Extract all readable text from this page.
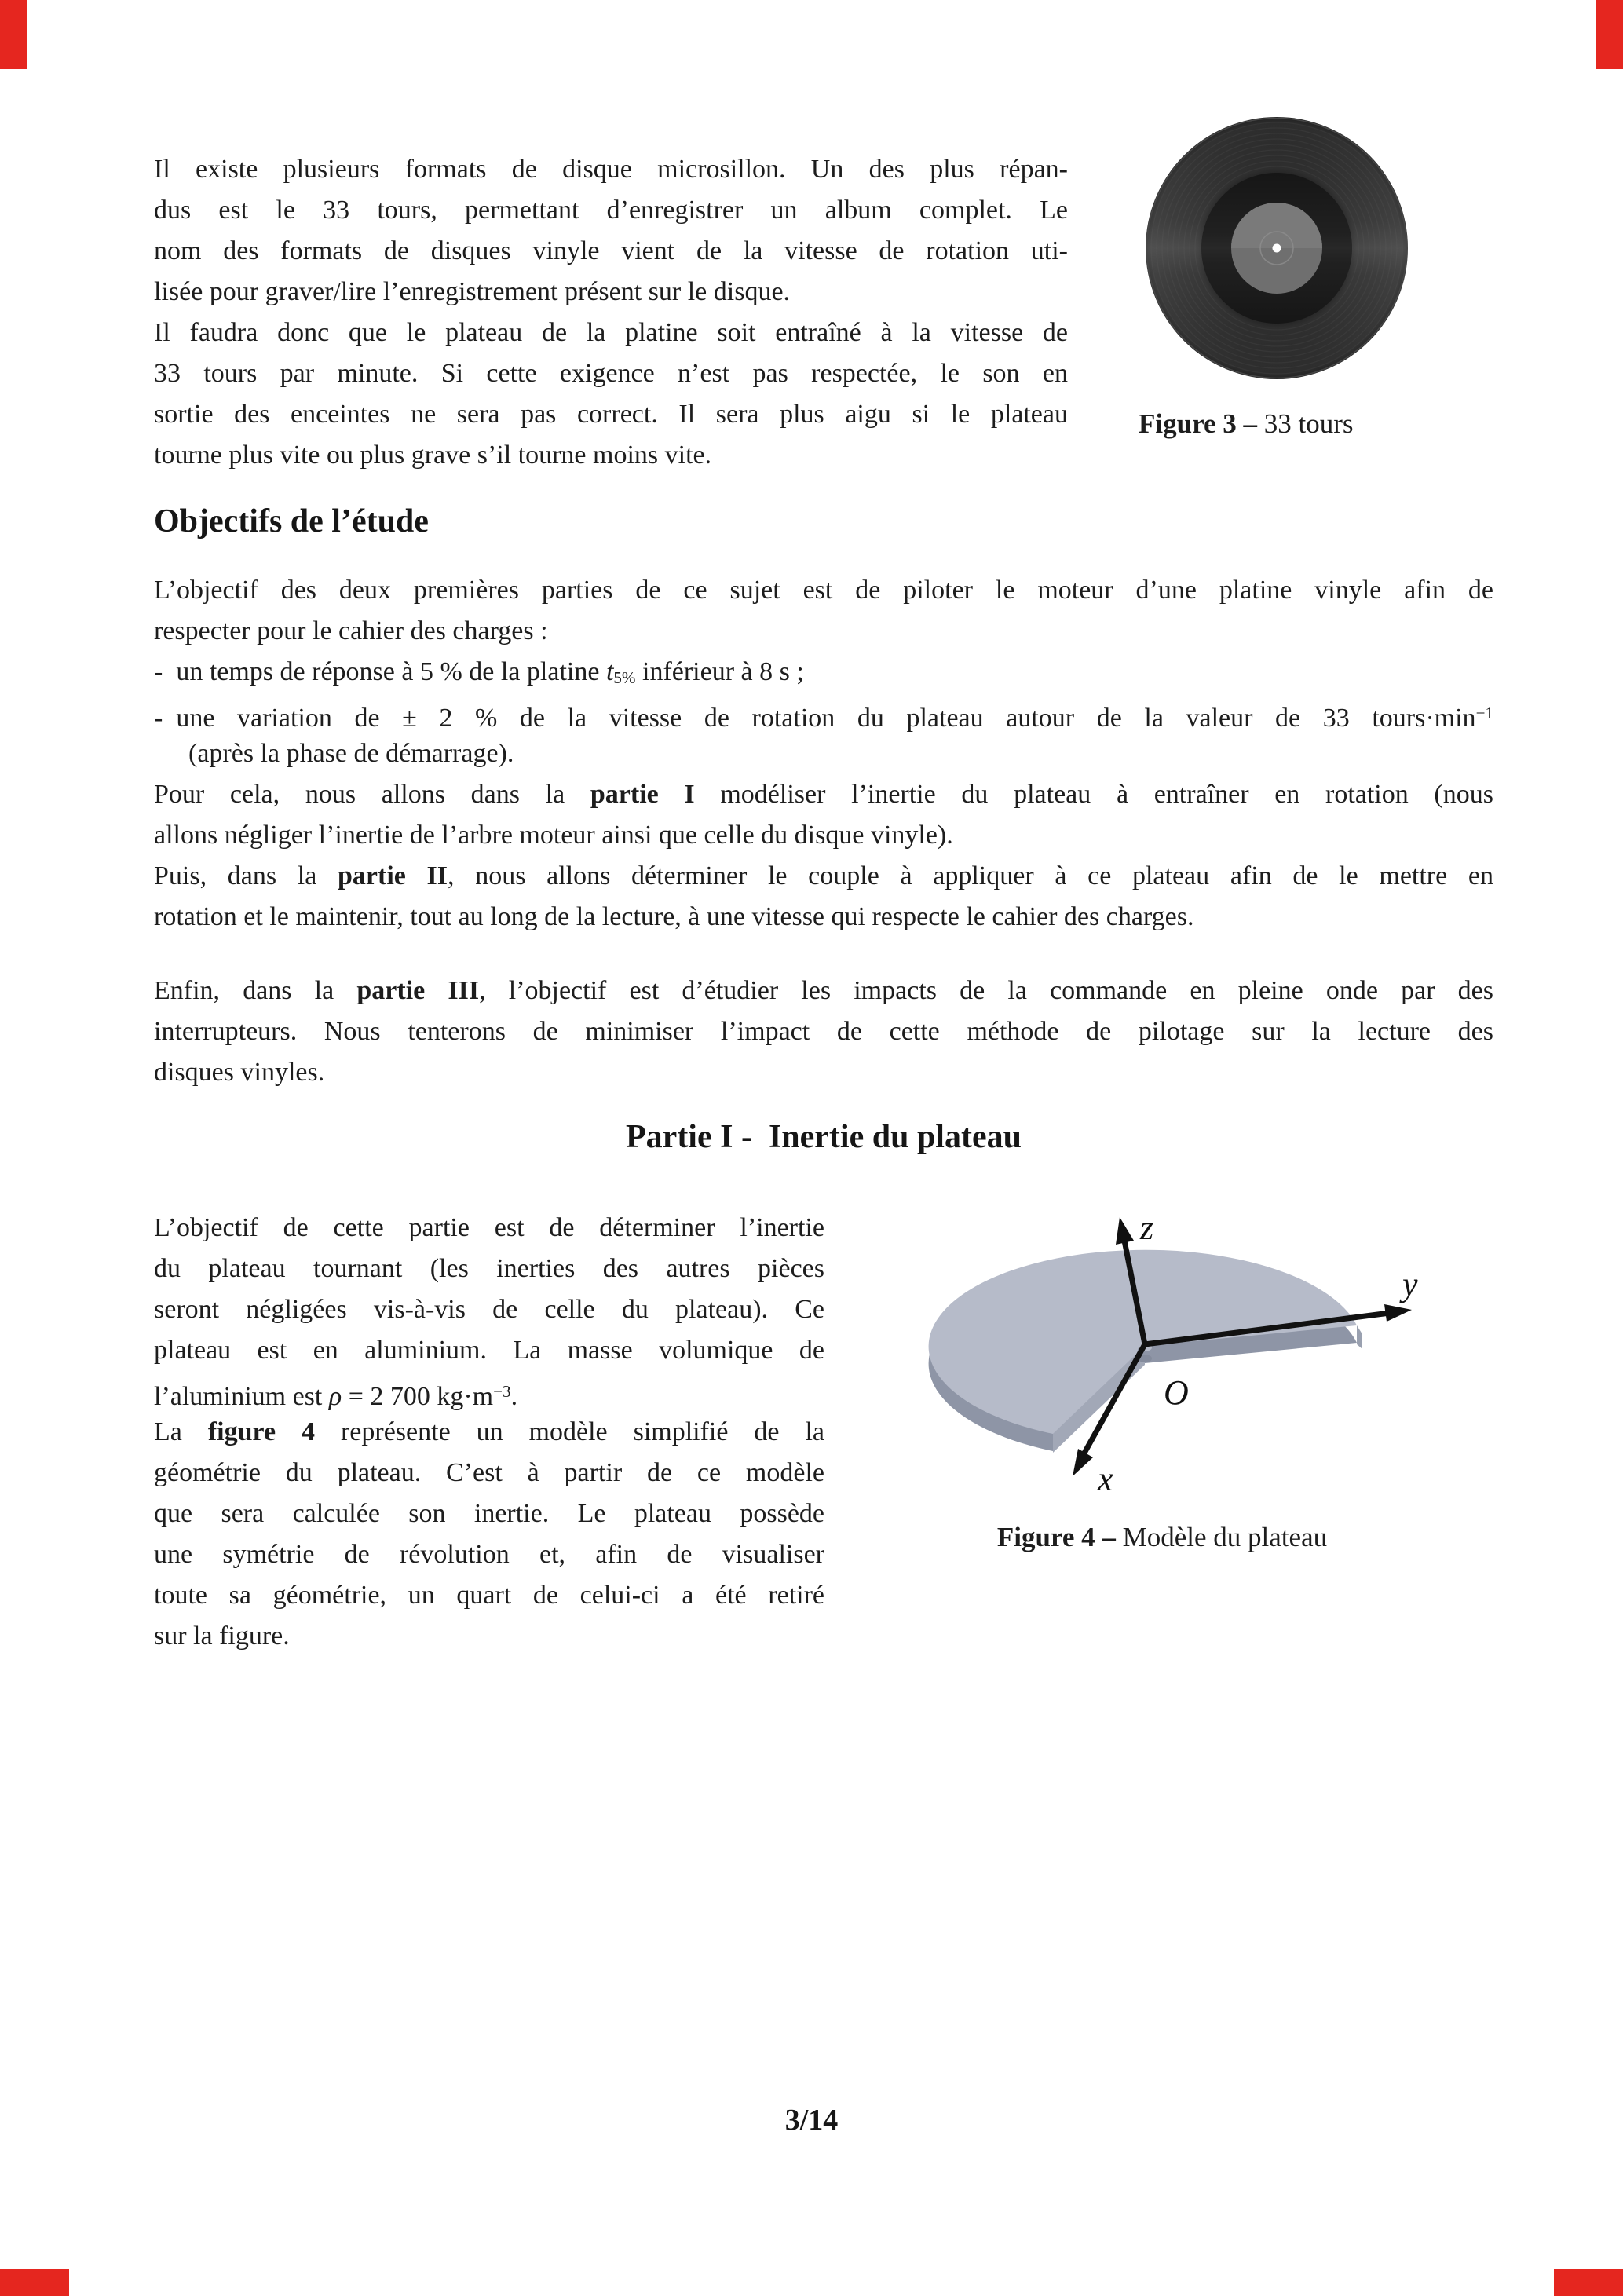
Il existe plusieurs formats de disque microsillon. Un des plus répan-
dus est le 33 tours, permettant d’enregistrer un album complet. Le
nom des formats de disques vinyle vient de la vitesse de rotation uti-
lisée pour graver/lire l’enregistrement présent sur le disque.
Il faudra donc que le plateau de la platine soit entraîné à la vitesse de
33 tours par minute. Si cette exigence n’est pas respectée, le son en
sortie des enceintes ne sera pas correct. Il sera plus aigu si le plateau
tourne plus vite ou plus grave s’il tourne moins vite.
Figure 3 – 33 tours
Objectifs de l’étude
L’objectif des deux premières parties de ce sujet est de piloter le moteur d’une platine vinyle afin de
respecter pour le cahier des charges :
- un temps de réponse à 5 % de la platine t5% inférieur à 8 s ;
- une variation de ± 2 % de la vitesse de rotation du plateau autour de la valeur de 33 $tours\cdot\min^{-1}$
(après la phase de démarrage).
Pour cela, nous allons dans la partie I modéliser l’inertie du plateau à entraîner en rotation (nous
allons négliger l’inertie de l’arbre moteur ainsi que celle du disque vinyle).
Puis, dans la partie II, nous allons déterminer le couple à appliquer à ce plateau afin de le mettre en
rotation et le maintenir, tout au long de la lecture, à une vitesse qui respecte le cahier des charges.
Enfin, dans la partie III, l’objectif est d’étudier les impacts de la commande en pleine onde par des
interrupteurs. Nous tenterons de minimiser l’impact de cette méthode de pilotage sur la lecture des
disques vinyles.
Partie I -  Inertie du plateau
L’objectif de cette partie est de déterminer l’inertie
du plateau tournant (les inerties des autres pièces
seront négligées vis-à-vis de celle du plateau). Ce
plateau est en aluminium. La masse volumique de
l’aluminium est ρ = 2 700 $kg\cdot m^{-3}$.
La figure 4 représente un modèle simplifié de la
géométrie du plateau. C’est à partir de ce modèle
que sera calculée son inertie. Le plateau possède
une symétrie de révolution et, afin de visualiser
toute sa géométrie, un quart de celui-ci a été retiré
sur la figure.
z
y
x
O
Figure 4 – Modèle du plateau
3/14
